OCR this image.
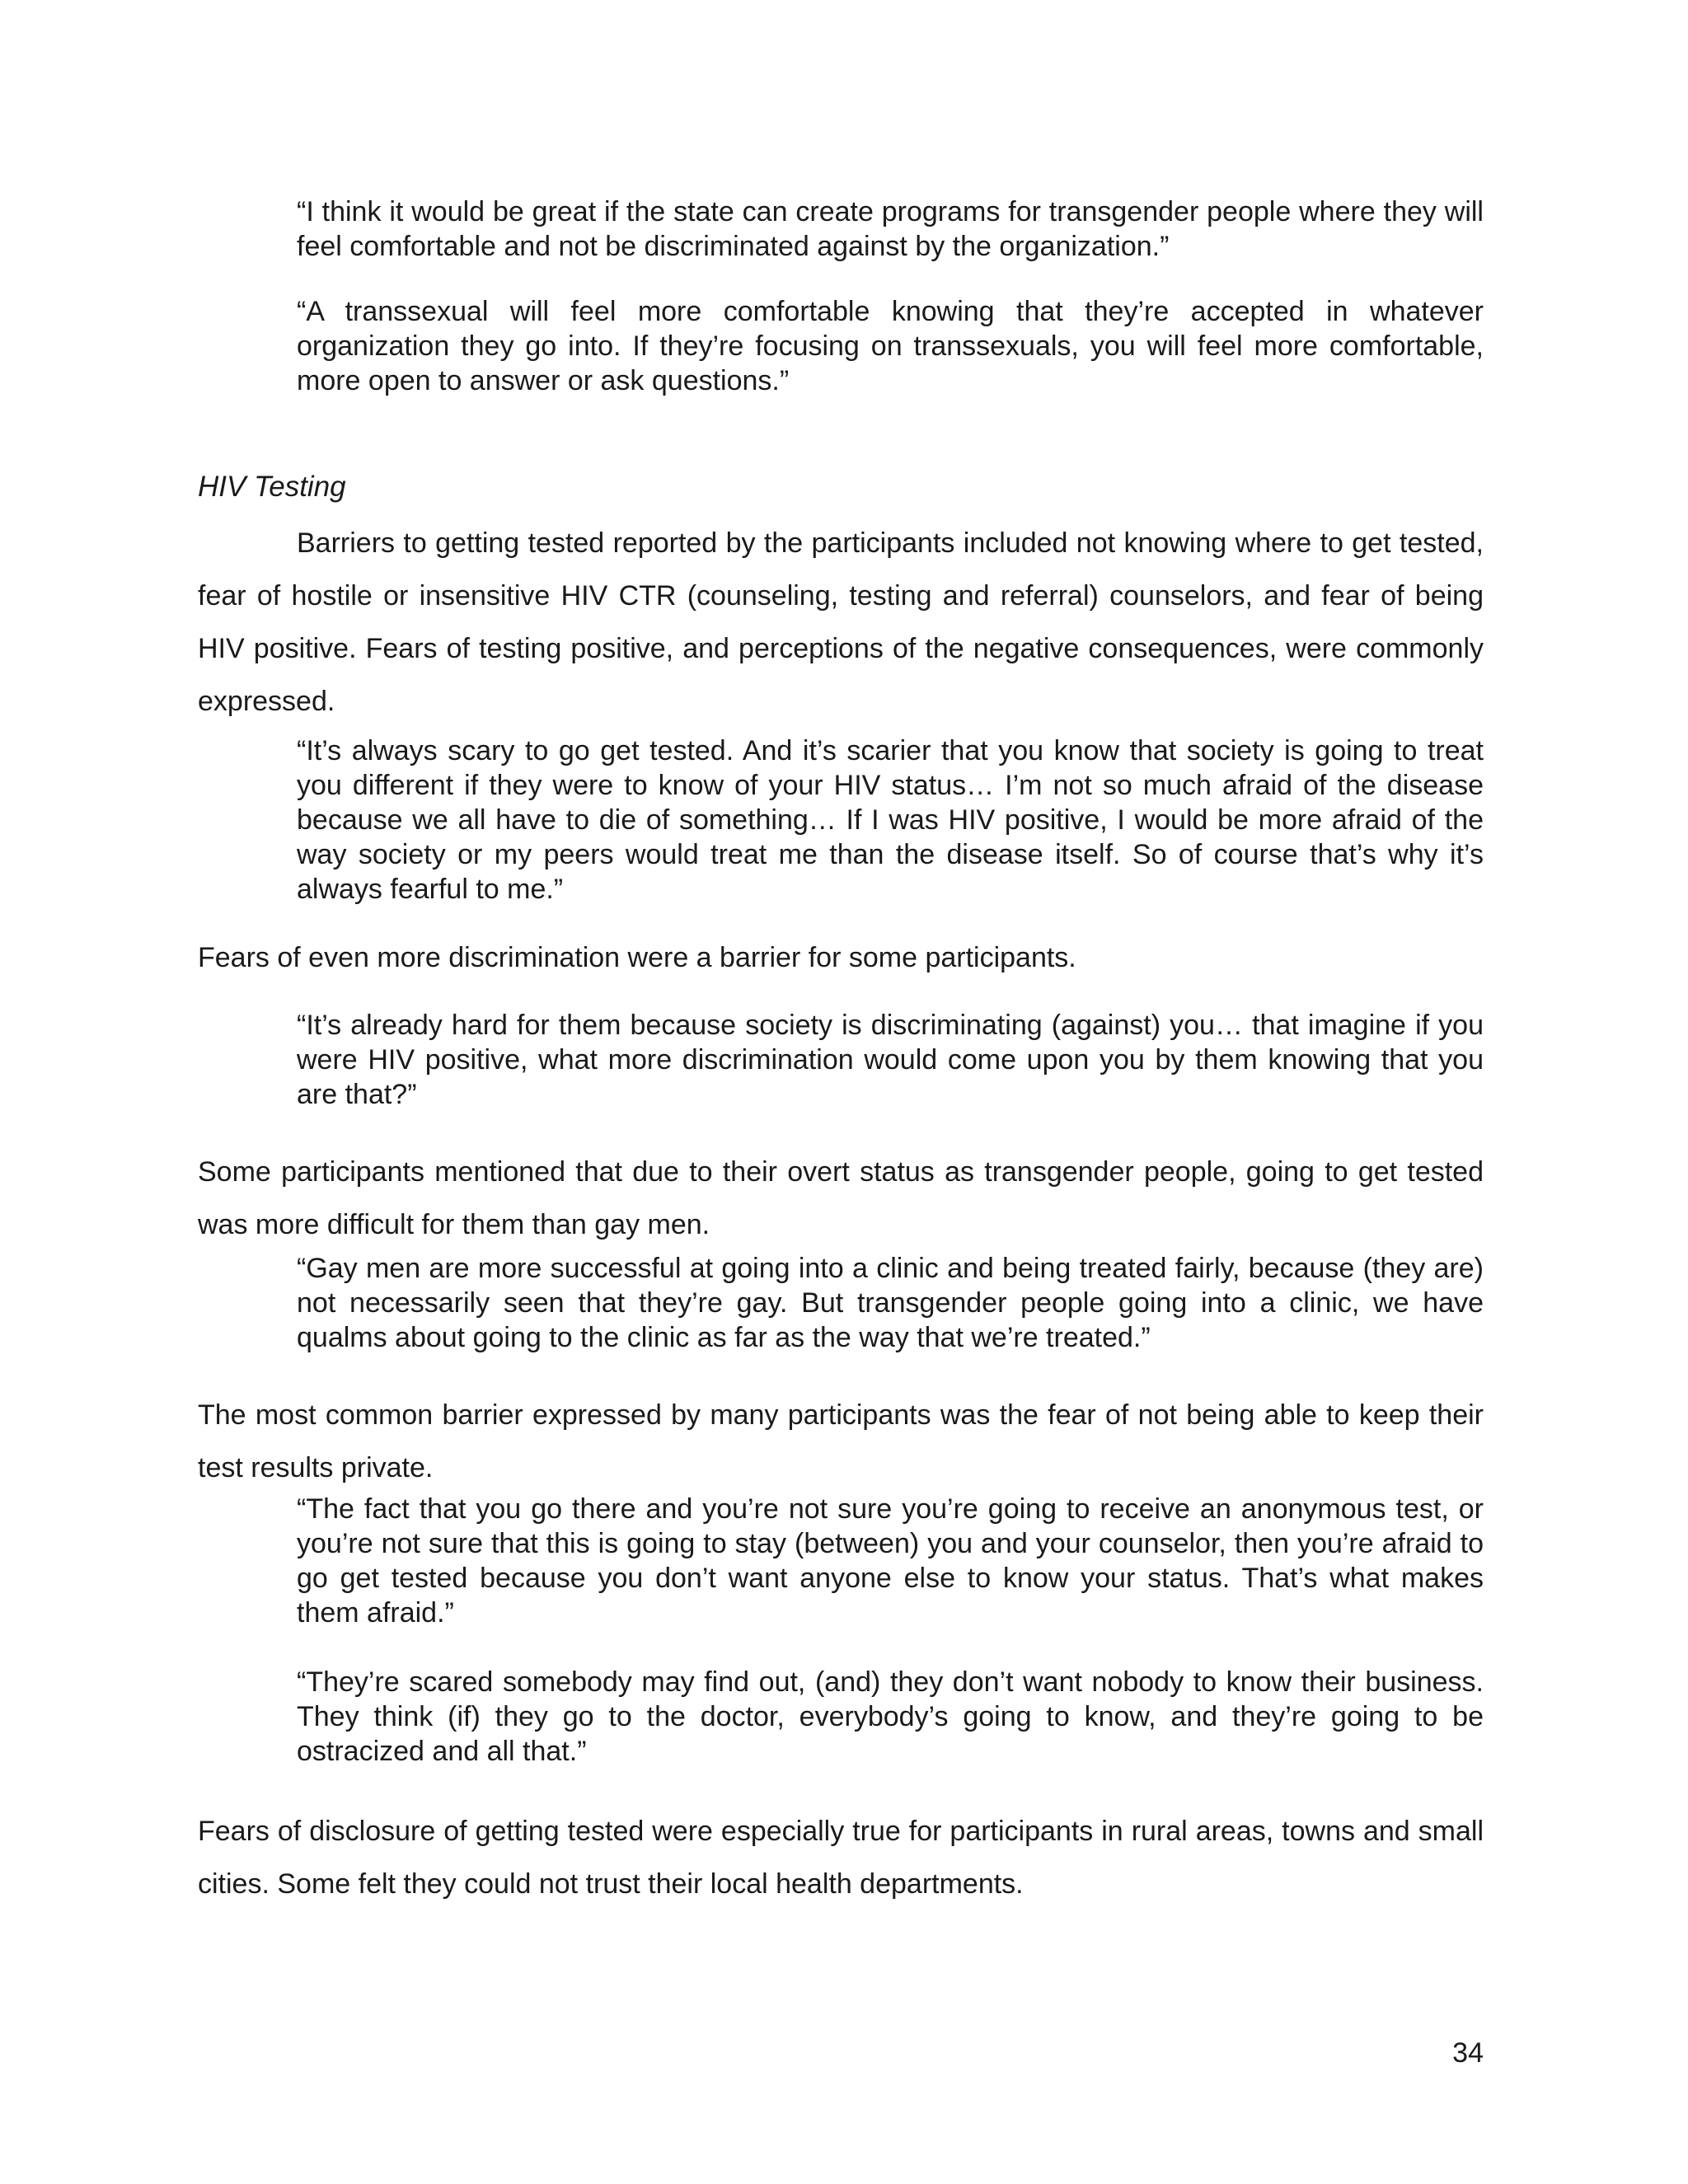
“I think it would be great if the state can create programs for transgender people where they will feel comfortable and not be discriminated against by the organization.”

“A transsexual will feel more comfortable knowing that they’re accepted in whatever organization they go into. If they’re focusing on transsexuals, you will feel more comfortable, more open to answer or ask questions.”

HIV Testing

Barriers to getting tested reported by the participants included not knowing where to get tested, fear of hostile or insensitive HIV CTR (counseling, testing and referral) counselors, and fear of being HIV positive. Fears of testing positive, and perceptions of the negative consequences, were commonly expressed.

“It’s always scary to go get tested. And it’s scarier that you know that society is going to treat you different if they were to know of your HIV status… I’m not so much afraid of the disease because we all have to die of something… If I was HIV positive, I would be more afraid of the way society or my peers would treat me than the disease itself. So of course that’s why it’s always fearful to me.”

Fears of even more discrimination were a barrier for some participants.

“It’s already hard for them because society is discriminating (against) you… that imagine if you were HIV positive, what more discrimination would come upon you by them knowing that you are that?”

Some participants mentioned that due to their overt status as transgender people, going to get tested was more difficult for them than gay men.

“Gay men are more successful at going into a clinic and being treated fairly, because (they are) not necessarily seen that they’re gay. But transgender people going into a clinic, we have qualms about going to the clinic as far as the way that we’re treated.”

The most common barrier expressed by many participants was the fear of not being able to keep their test results private.

“The fact that you go there and you’re not sure you’re going to receive an anonymous test, or you’re not sure that this is going to stay (between) you and your counselor, then you’re afraid to go get tested because you don’t want anyone else to know your status. That’s what makes them afraid.”

“They’re scared somebody may find out, (and) they don’t want nobody to know their business. They think (if) they go to the doctor, everybody’s going to know, and they’re going to be ostracized and all that.”

Fears of disclosure of getting tested were especially true for participants in rural areas, towns and small cities. Some felt they could not trust their local health departments.

34
